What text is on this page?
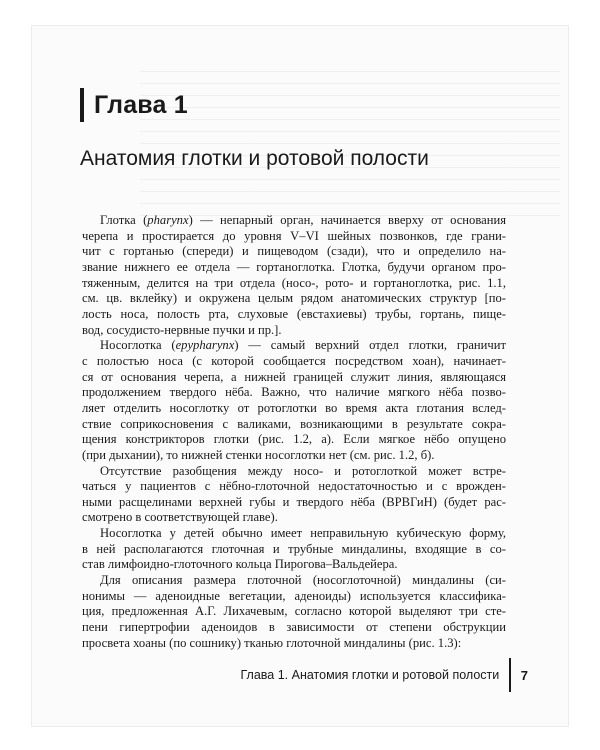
Глава 1
Анатомия глотки и ротовой полости
Глотка (pharynx) — непарный орган, начинается вверху от основания
черепа и простирается до уровня V–VI шейных позвонков, где грани-
чит с гортанью (спереди) и пищеводом (сзади), что и определило на-
звание нижнего ее отдела — гортаноглотка. Глотка, будучи органом про-
тяженным, делится на три отдела (носо-, рото- и гортаноглотка, рис. 1.1,
см. цв. вклейку) и окружена целым рядом анатомических структур [по-
лость носа, полость рта, слуховые (евстахиевы) трубы, гортань, пище-
вод, сосудисто-нервные пучки и пр.].
Носоглотка (epypharynx) — самый верхний отдел глотки, граничит
с полостью носа (с которой сообщается посредством хоан), начинает-
ся от основания черепа, а нижней границей служит линия, являющаяся
продолжением твердого нёба. Важно, что наличие мягкого нёба позво-
ляет отделить носоглотку от ротоглотки во время акта глотания вслед-
ствие соприкосновения с валиками, возникающими в результате сокра-
щения констрикторов глотки (рис. 1.2, а). Если мягкое нёбо опущено
(при дыхании), то нижней стенки носоглотки нет (см. рис. 1.2, б).
Отсутствие разобщения между носо- и ротоглоткой может встре-
чаться у пациентов с нёбно-глоточной недостаточностью и с врожден-
ными расщелинами верхней губы и твердого нёба (ВРВГиН) (будет рас-
смотрено в соответствующей главе).
Носоглотка у детей обычно имеет неправильную кубическую форму,
в ней располагаются глоточная и трубные миндалины, входящие в со-
став лимфоидно-глоточного кольца Пирогова–Вальдейера.
Для описания размера глоточной (носоглоточной) миндалины (си-
нонимы — аденоидные вегетации, аденоиды) используется классифика-
ция, предложенная А.Г. Лихачевым, согласно которой выделяют три сте-
пени гипертрофии аденоидов в зависимости от степени обструкции
просвета хоаны (по сошнику) тканью глоточной миндалины (рис. 1.3):
Глава 1. Анатомия глотки и ротовой полости 7
